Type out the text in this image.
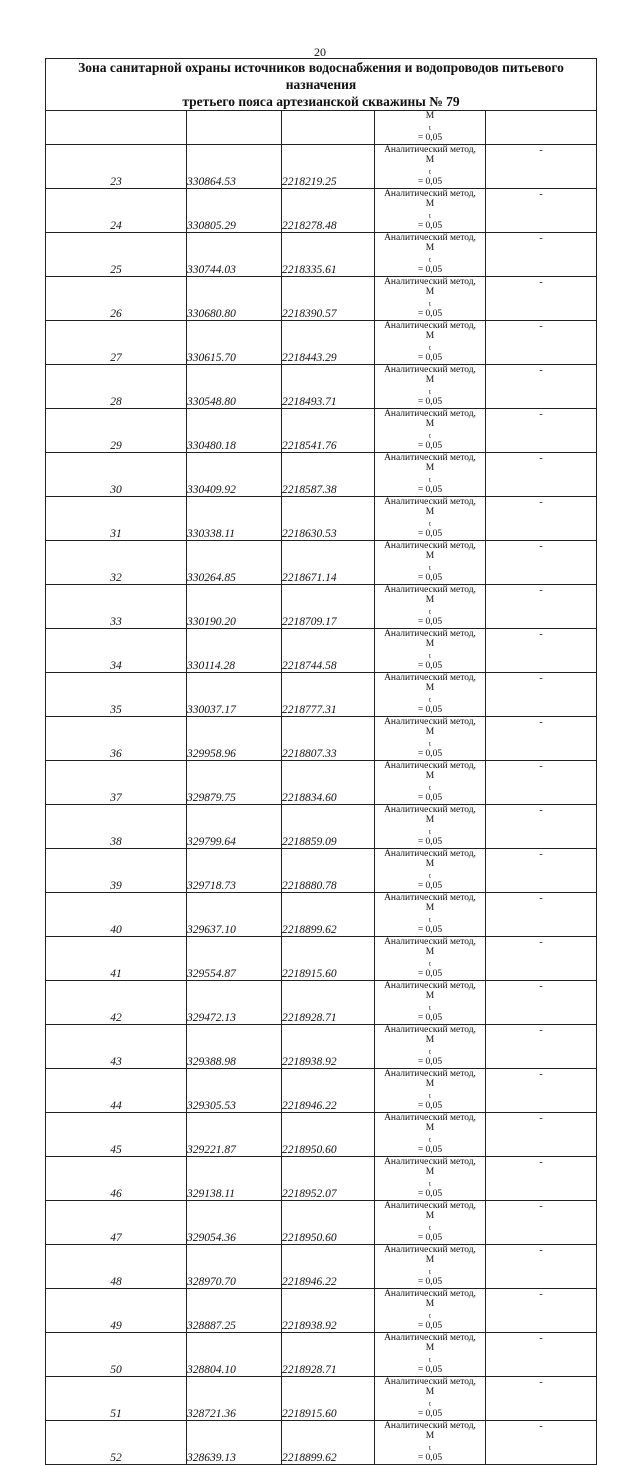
20
Зона санитарной охраны источников водоснабжения и водопроводов питьевого назначения
третьего пояса артезианской скважины № 79				

			М
$_t$
= 0,05	

23	330864.53	2218219.25	Аналитический метод,
М
$_t$
= 0,05	-
24	330805.29	2218278.48	Аналитический метод,
М
$_t$
= 0,05	-
25	330744.03	2218335.61	Аналитический метод,
М
$_t$
= 0,05	-
26	330680.80	2218390.57	Аналитический метод,
М
$_t$
= 0,05	-
27	330615.70	2218443.29	Аналитический метод,
М
$_t$
= 0,05	-
28	330548.80	2218493.71	Аналитический метод,
М
$_t$
= 0,05	-
29	330480.18	2218541.76	Аналитический метод,
М
$_t$
= 0,05	-
30	330409.92	2218587.38	Аналитический метод,
М
$_t$
= 0,05	-
31	330338.11	2218630.53	Аналитический метод,
М
$_t$
= 0,05	-
32	330264.85	2218671.14	Аналитический метод,
М
$_t$
= 0,05	-
33	330190.20	2218709.17	Аналитический метод,
М
$_t$
= 0,05	-
34	330114.28	2218744.58	Аналитический метод,
М
$_t$
= 0,05	-
35	330037.17	2218777.31	Аналитический метод,
М
$_t$
= 0,05	-
36	329958.96	2218807.33	Аналитический метод,
М
$_t$
= 0,05	-
37	329879.75	2218834.60	Аналитический метод,
М
$_t$
= 0,05	-
38	329799.64	2218859.09	Аналитический метод,
М
$_t$
= 0,05	-
39	329718.73	2218880.78	Аналитический метод,
М
$_t$
= 0,05	-
40	329637.10	2218899.62	Аналитический метод,
М
$_t$
= 0,05	-
41	329554.87	2218915.60	Аналитический метод,
М
$_t$
= 0,05	-
42	329472.13	2218928.71	Аналитический метод,
М
$_t$
= 0,05	-
43	329388.98	2218938.92	Аналитический метод,
М
$_t$
= 0,05	-
44	329305.53	2218946.22	Аналитический метод,
М
$_t$
= 0,05	-
45	329221.87	2218950.60	Аналитический метод,
М
$_t$
= 0,05	-
46	329138.11	2218952.07	Аналитический метод,
М
$_t$
= 0,05	-
47	329054.36	2218950.60	Аналитический метод,
М
$_t$
= 0,05	-
48	328970.70	2218946.22	Аналитический метод,
М
$_t$
= 0,05	-
49	328887.25	2218938.92	Аналитический метод,
М
$_t$
= 0,05	-
50	328804.10	2218928.71	Аналитический метод,
М
$_t$
= 0,05	-
51	328721.36	2218915.60	Аналитический метод,
М
$_t$
= 0,05	-
52	328639.13	2218899.62	Аналитический метод,
М
$_t$
= 0,05	-
